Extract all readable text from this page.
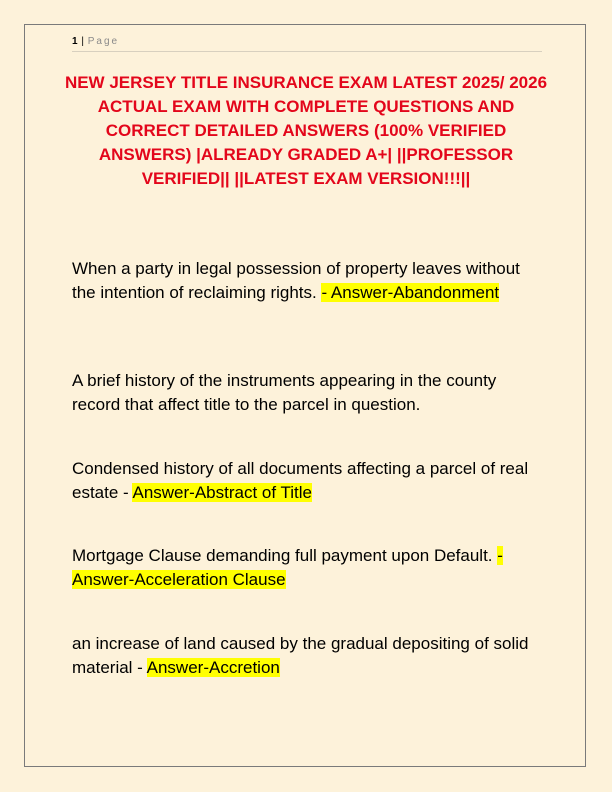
1 | Page
NEW JERSEY TITLE INSURANCE EXAM LATEST 2025/ 2026 ACTUAL EXAM WITH COMPLETE QUESTIONS AND CORRECT DETAILED ANSWERS (100% VERIFIED ANSWERS) |ALREADY GRADED A+| ||PROFESSOR VERIFIED|| ||LATEST EXAM VERSION!!!||
When a party in legal possession of property leaves without the intention of reclaiming rights. - Answer-Abandonment
A brief history of the instruments appearing in the county record that affect title to the parcel in question.
Condensed history of all documents affecting a parcel of real estate - Answer-Abstract of Title
Mortgage Clause demanding full payment upon Default. - Answer-Acceleration Clause
an increase of land caused by the gradual depositing of solid material - Answer-Accretion
